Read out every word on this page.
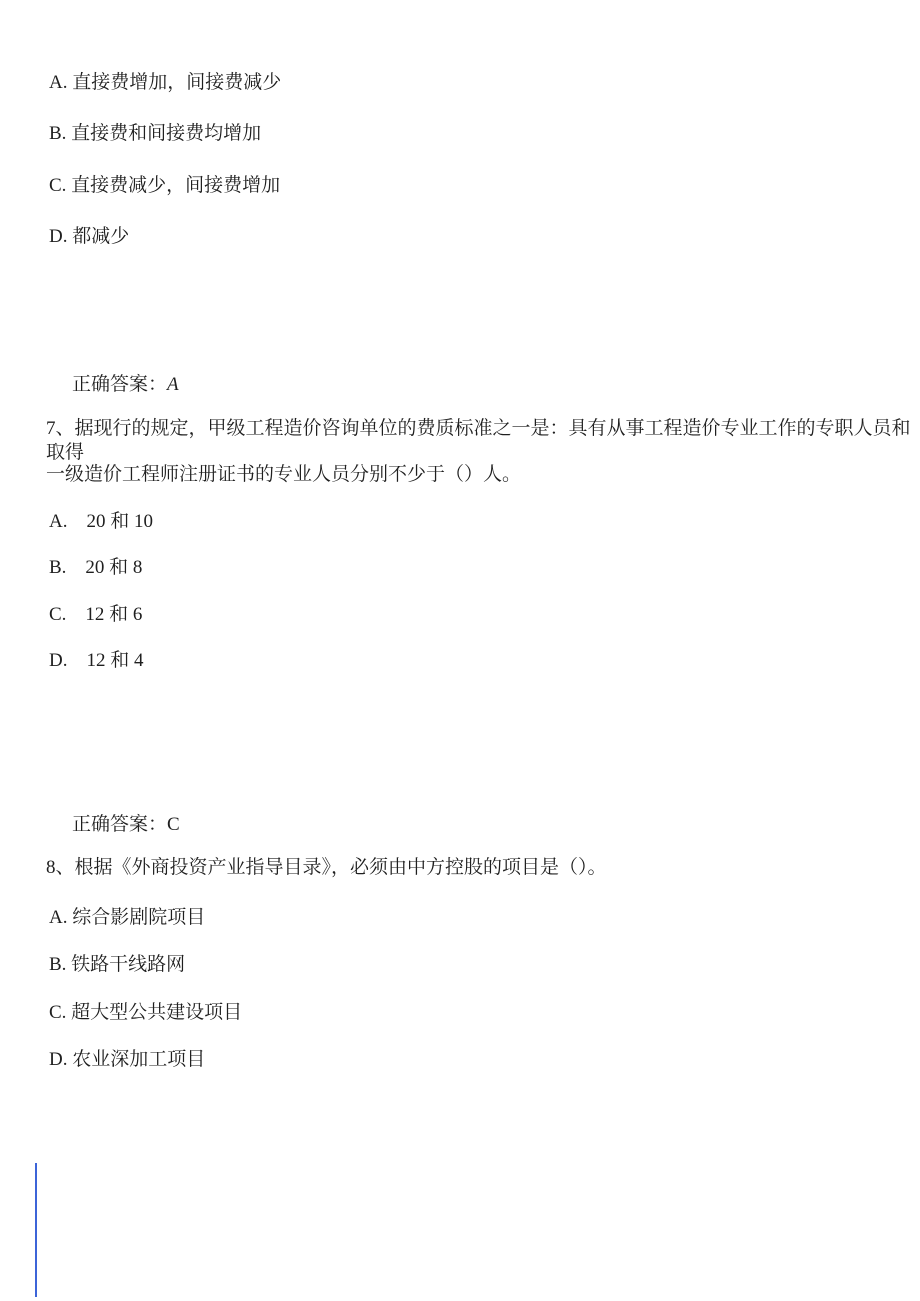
A. 直接费增加，间接费减少
B. 直接费和间接费均增加
C. 直接费减少，间接费增加
D. 都减少

正确答案：A

7、据现行的规定，甲级工程造价咨询单位的费质标准之一是：具有从事工程造价专业工作的专职人员和取得
一级造价工程师注册证书的专业人员分别不少于（）人。
A.　20 和 10
B.　20 和 8
C.　12 和 6
D.　12 和 4

正确答案：C

8、根据《外商投资产业指导目录》，必须由中方控股的项目是（）。
A. 综合影剧院项目
B. 铁路干线路网
C. 超大型公共建设项目
D. 农业深加工项目
